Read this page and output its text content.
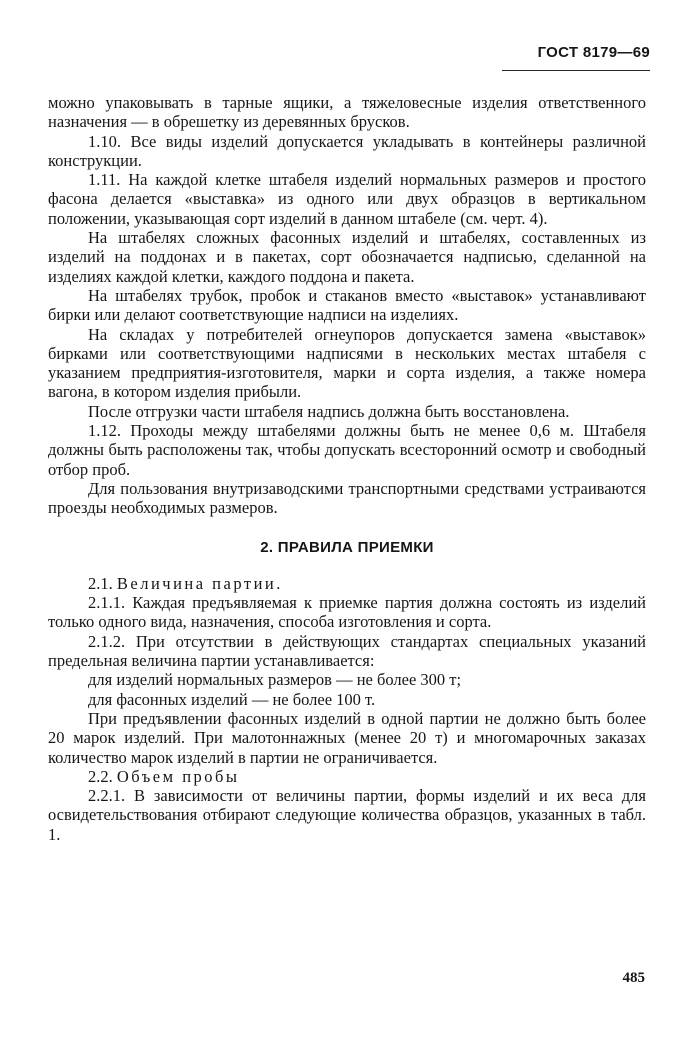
ГОСТ 8179—69

можно упаковывать в тарные ящики, а тяжеловесные изделия ответственного назначения — в обрешетку из деревянных брусков.

1.10. Все виды изделий допускается укладывать в контейнеры различной конструкции.

1.11. На каждой клетке штабеля изделий нормальных размеров и простого фасона делается «выставка» из одного или двух образцов в вертикальном положении, указывающая сорт изделий в данном штабеле (см. черт. 4).

На штабелях сложных фасонных изделий и штабелях, составленных из изделий на поддонах и в пакетах, сорт обозначается надписью, сделанной на изделиях каждой клетки, каждого поддона и пакета.

На штабелях трубок, пробок и стаканов вместо «выставок» устанавливают бирки или делают соответствующие надписи на изделиях.

На складах у потребителей огнеупоров допускается замена «выставок» бирками или соответствующими надписями в нескольких местах штабеля с указанием предприятия-изготовителя, марки и сорта изделия, а также номера вагона, в котором изделия прибыли.

После отгрузки части штабеля надпись должна быть восстановлена.

1.12. Проходы между штабелями должны быть не менее 0,6 м. Штабеля должны быть расположены так, чтобы допускать всесторонний осмотр и свободный отбор проб.

Для пользования внутризаводскими транспортными средствами устраиваются проезды необходимых размеров.

2. ПРАВИЛА ПРИЕМКИ

2.1. Величина партии.

2.1.1. Каждая предъявляемая к приемке партия должна состоять из изделий только одного вида, назначения, способа изготовления и сорта.

2.1.2. При отсутствии в действующих стандартах специальных указаний предельная величина партии устанавливается:

для изделий нормальных размеров — не более 300 т;

для фасонных изделий — не более 100 т.

При предъявлении фасонных изделий в одной партии не должно быть более 20 марок изделий. При малотоннажных (менее 20 т) и многомарочных заказах количество марок изделий в партии не ограничивается.

2.2. Объем пробы

2.2.1. В зависимости от величины партии, формы изделий и их веса для освидетельствования отбирают следующие количества образцов, указанных в табл. 1.

485
